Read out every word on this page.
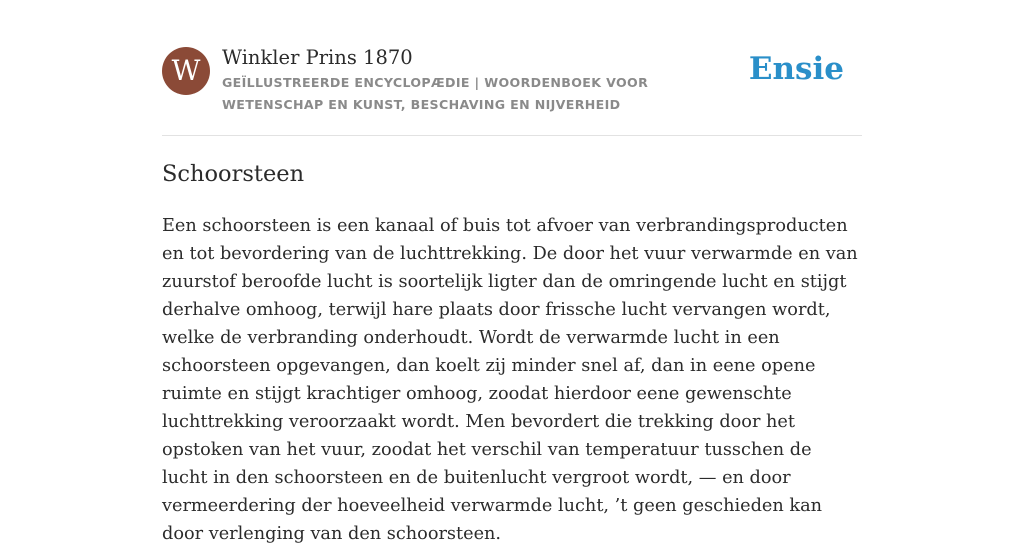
W	Winkler Prins 1870
GEÏLLUSTREERDE ENCYCLOPÆDIE | WOORDENBOEK VOOR WETENSCHAP EN KUNST, BESCHAVING EN NIJVERHEID
Ensie
Schoorsteen

Een schoorsteen is een kanaal of buis tot afvoer van verbrandingsproducten en tot bevordering van de luchttrekking. De door het vuur verwarmde en van zuurstof beroofde lucht is soortelijk ligter dan de omringende lucht en stijgt derhalve omhoog, terwijl hare plaats door frissche lucht vervangen wordt, welke de verbranding onderhoudt. Wordt de verwarmde lucht in een schoorsteen opgevangen, dan koelt zij minder snel af, dan in eene opene ruimte en stijgt krachtiger omhoog, zoodat hierdoor eene gewenschte luchttrekking veroorzaakt wordt. Men bevordert die trekking door het opstoken van het vuur, zoodat het verschil van temperatuur tusschen de lucht in den schoorsteen en de buitenlucht vergroot wordt, — en door vermeerdering der hoeveelheid verwarmde lucht, ’t geen geschieden kan door verlenging van den schoorsteen.
